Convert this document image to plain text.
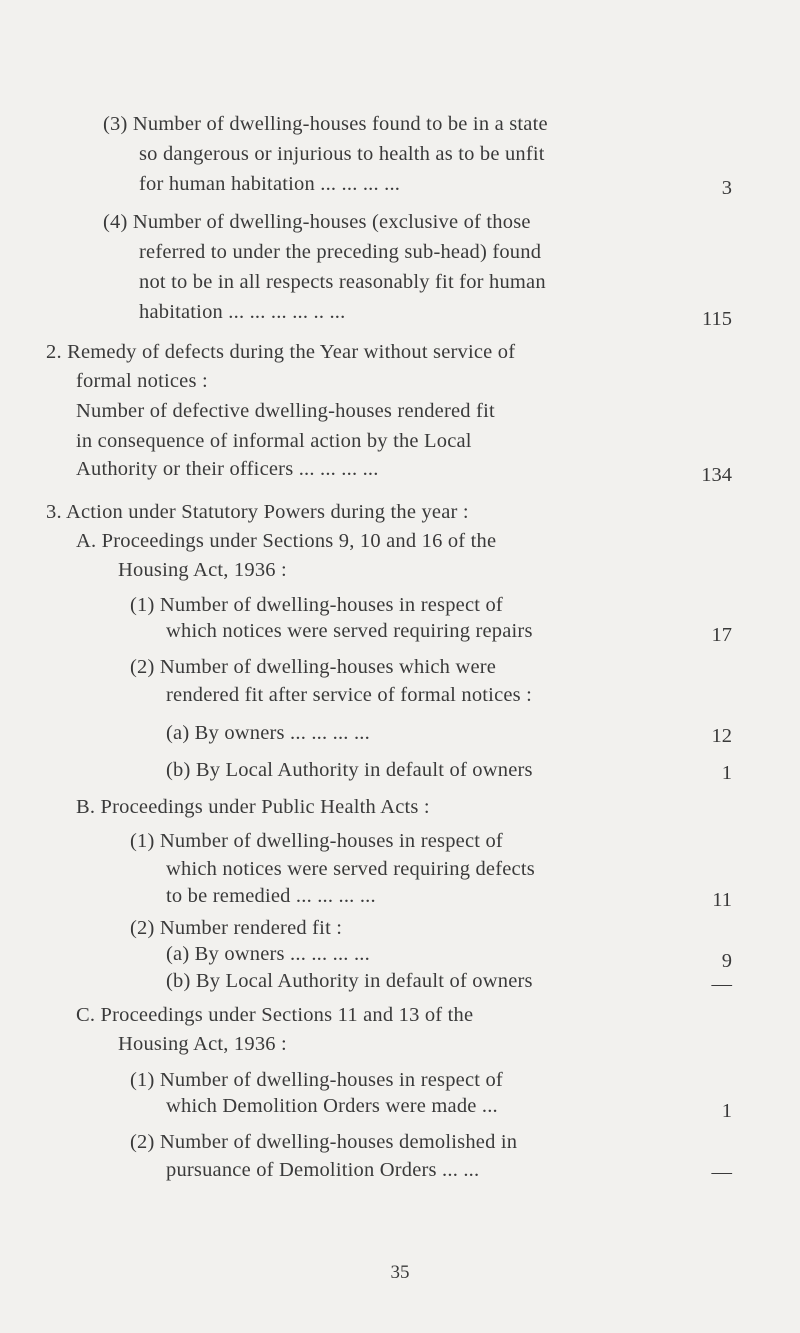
(3) Number of dwelling-houses found to be in a state
so dangerous or injurious to health as to be unfit
for human habitation ... ... ... ...	3
(4) Number of dwelling-houses (exclusive of those
referred to under the preceding sub-head) found
not to be in all respects reasonably fit for human
habitation ... ... ... ... .. ...	115
2. Remedy of defects during the Year without service of
formal notices :
Number of defective dwelling-houses rendered fit
in consequence of informal action by the Local
Authority or their officers ... ... ... ...	134
3. Action under Statutory Powers during the year :
A. Proceedings under Sections 9, 10 and 16 of the
Housing Act, 1936 :
(1) Number of dwelling-houses in respect of
which notices were served requiring repairs	17
(2) Number of dwelling-houses which were
rendered fit after service of formal notices :
(a) By owners ... ... ... ...	12
(b) By Local Authority in default of owners	1
B. Proceedings under Public Health Acts :
(1) Number of dwelling-houses in respect of
which notices were served requiring defects
to be remedied ... ... ... ...	11
(2) Number rendered fit :
(a) By owners ... ... ... ...	9
(b) By Local Authority in default of owners	—
C. Proceedings under Sections 11 and 13 of the
Housing Act, 1936 :
(1) Number of dwelling-houses in respect of
which Demolition Orders were made ...	1
(2) Number of dwelling-houses demolished in
pursuance of Demolition Orders ... ...	—
35
